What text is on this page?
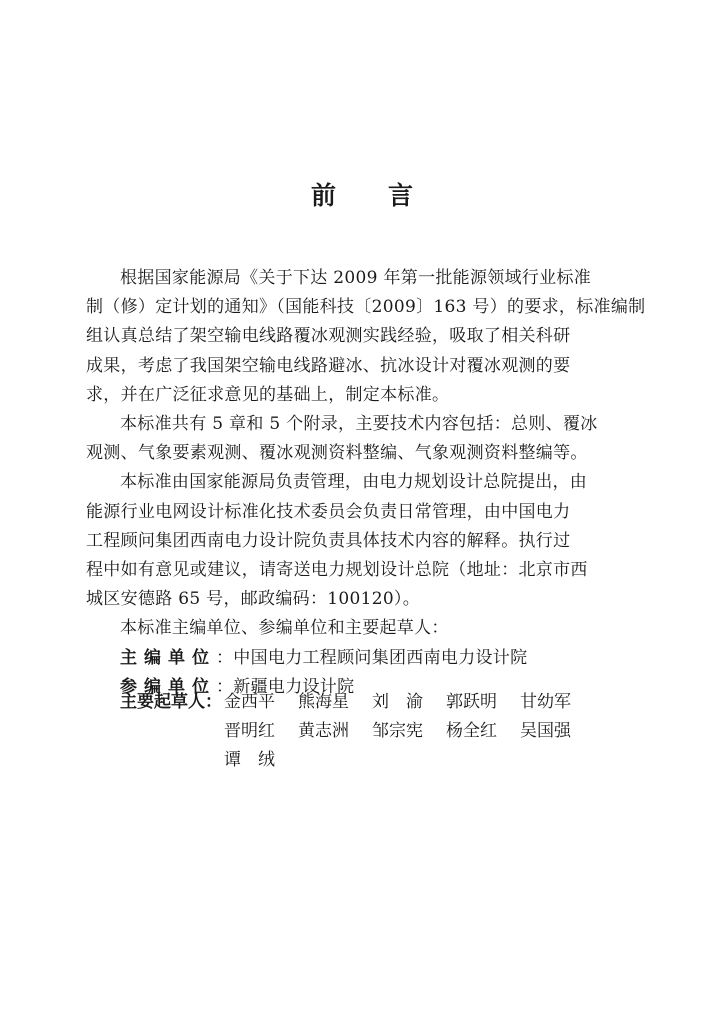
前 言

根据国家能源局《关于下达 2009 年第一批能源领域行业标准
制（修）定计划的通知》（国能科技〔2009〕163 号）的要求，标准编制
组认真总结了架空输电线路覆冰观测实践经验，吸取了相关科研
成果，考虑了我国架空输电线路避冰、抗冰设计对覆冰观测的要
求，并在广泛征求意见的基础上，制定本标准。

本标准共有 5 章和 5 个附录，主要技术内容包括：总则、覆冰
观测、气象要素观测、覆冰观测资料整编、气象观测资料整编等。

本标准由国家能源局负责管理，由电力规划设计总院提出，由
能源行业电网设计标准化技术委员会负责日常管理，由中国电力
工程顾问集团西南电力设计院负责具体技术内容的解释。执行过
程中如有意见或建议，请寄送电力规划设计总院（地址：北京市西
城区安德路 65 号，邮政编码：100120）。

本标准主编单位、参编单位和主要起草人：

主编单位：中国电力工程顾问集团西南电力设计院
参编单位：新疆电力设计院
主要起草人： 金西平 熊海星 刘　渝 郭跃明 甘幼军
晋明红 黄志洲 邹宗宪 杨全红 吴国强
谭　绒
